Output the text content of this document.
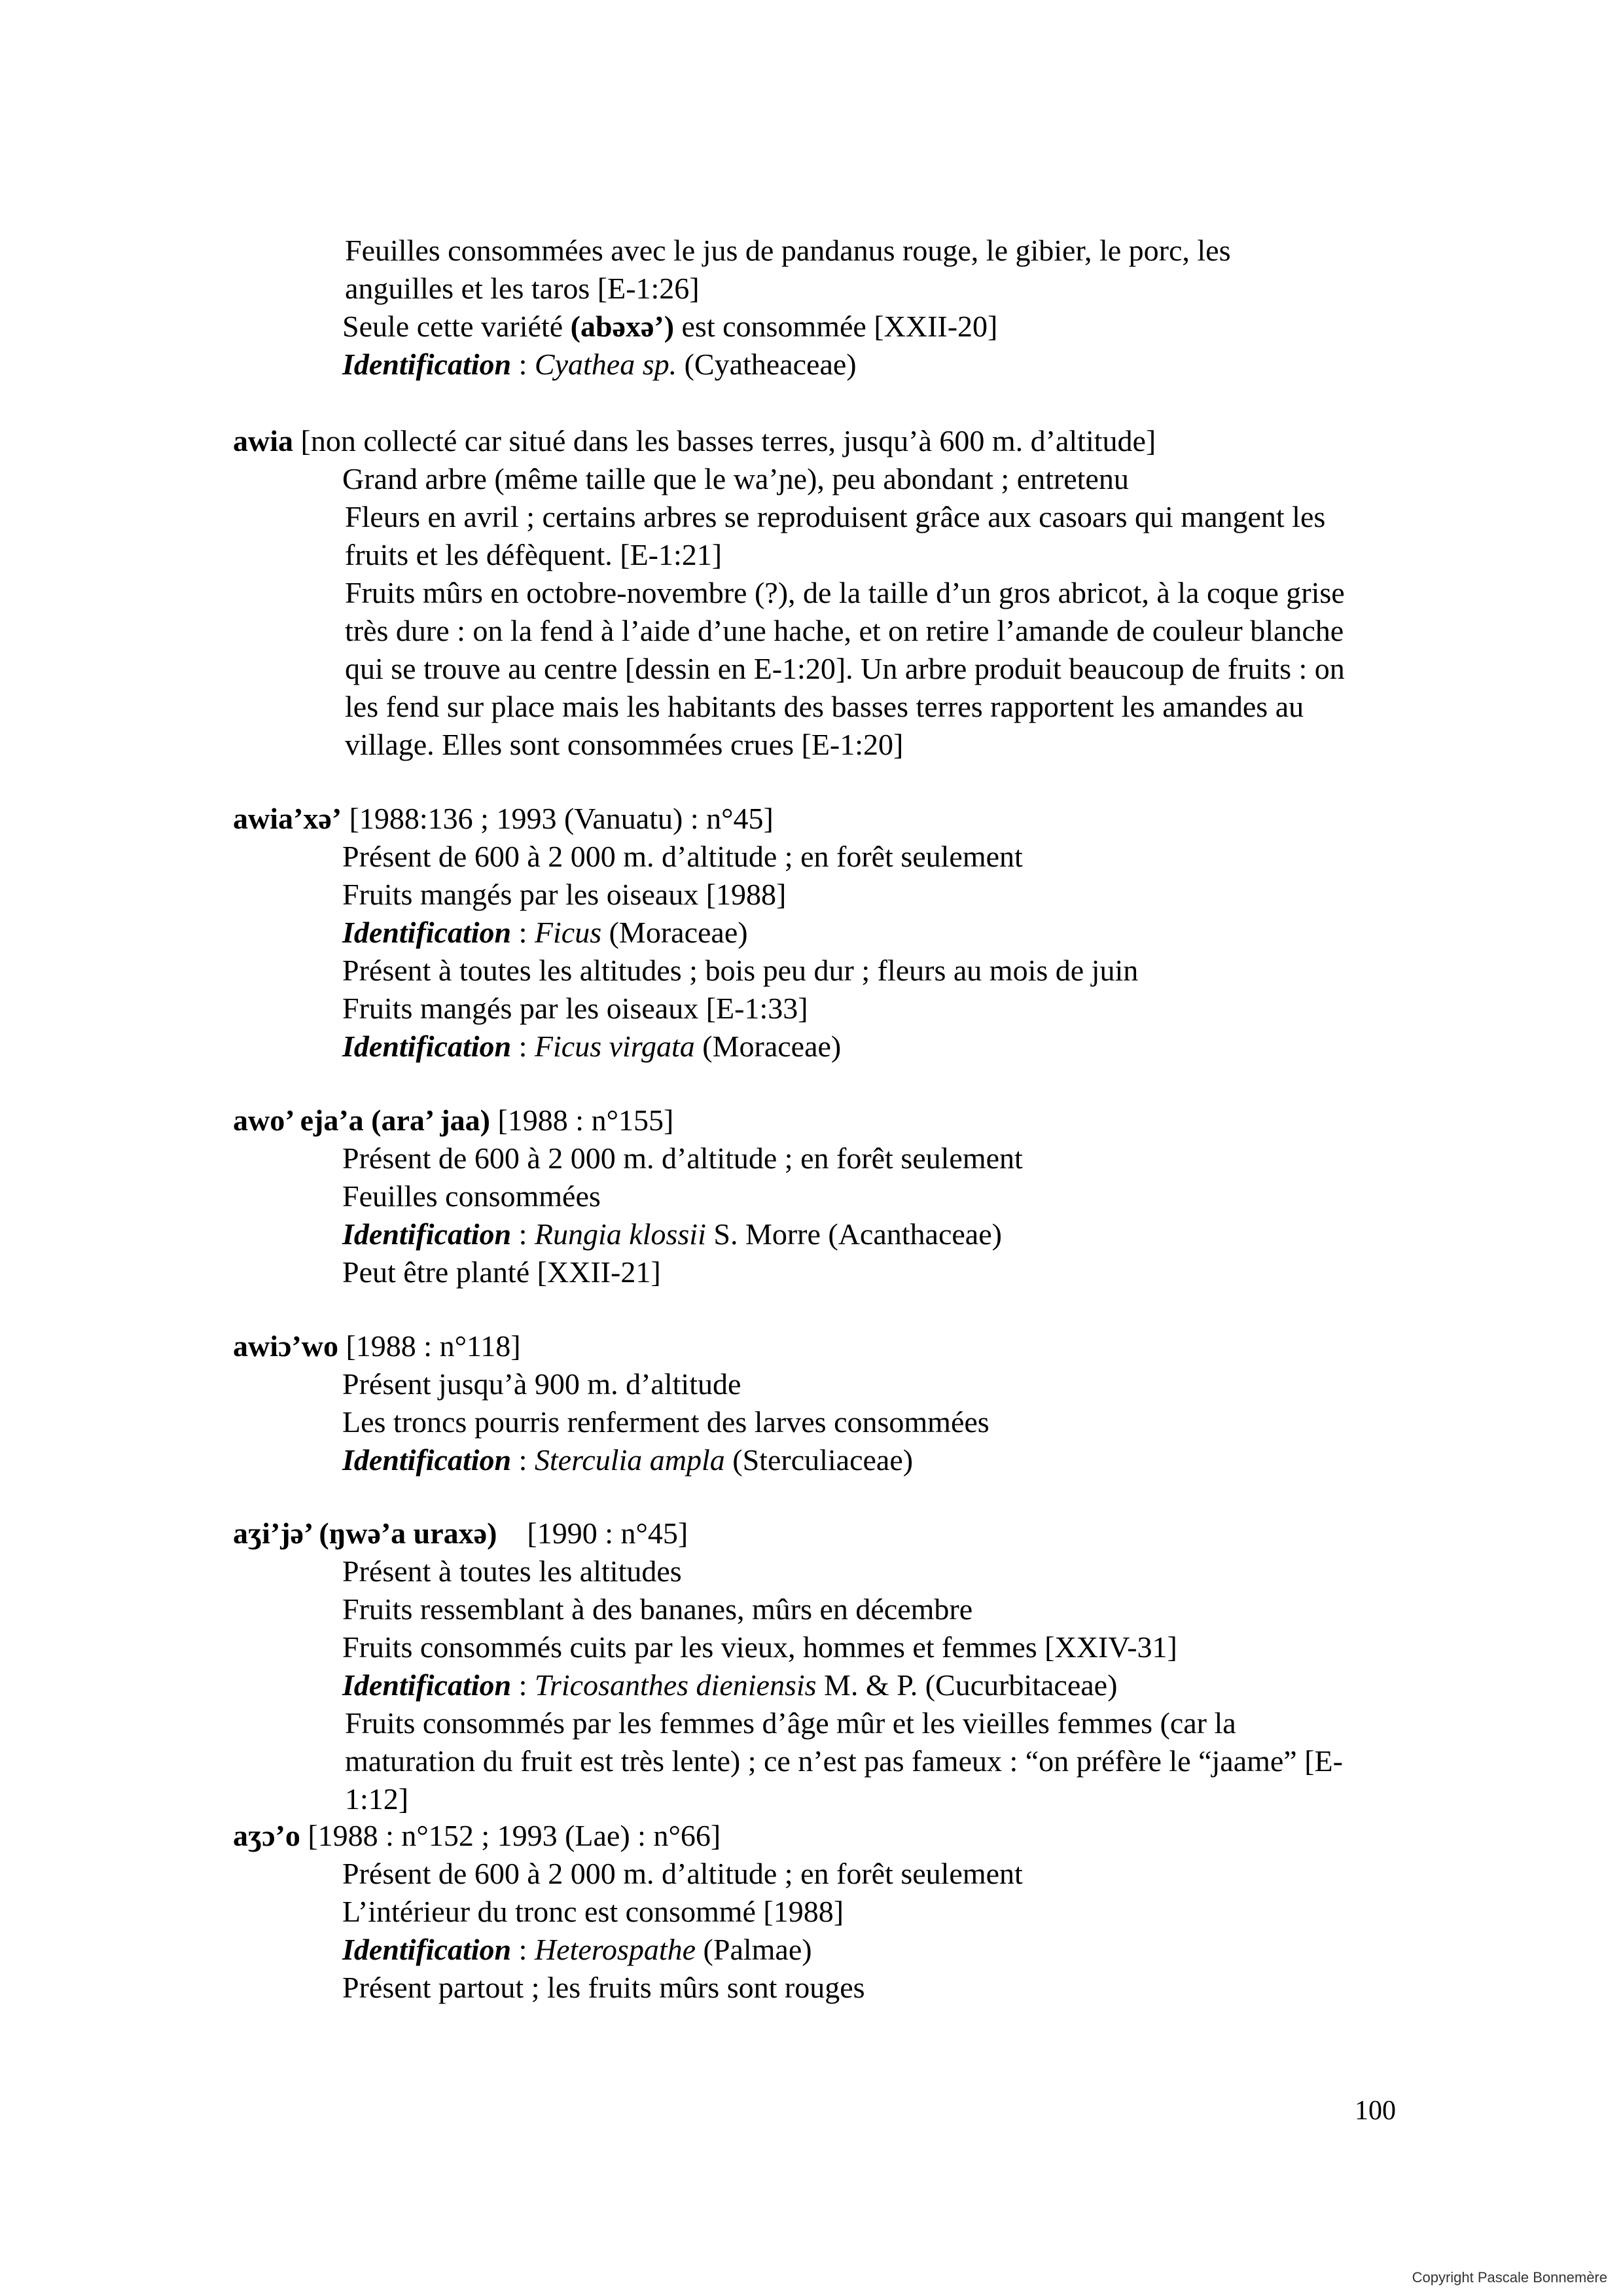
Feuilles consommées avec le jus de pandanus rouge, le gibier, le porc, les anguilles et les taros [E-1:26]
Seule cette variété (abəxə’) est consommée [XXII-20]
Identification : Cyathea sp. (Cyatheaceae)
awia [non collecté car situé dans les basses terres, jusqu’à 600 m. d’altitude]
Grand arbre (même taille que le wa’ɲe), peu abondant ; entretenu
Fleurs en avril ; certains arbres se reproduisent grâce aux casoars qui mangent les fruits et les défèquent. [E-1:21]
Fruits mûrs en octobre-novembre (?), de la taille d’un gros abricot, à la coque grise très dure : on la fend à l’aide d’une hache, et on retire l’amande de couleur blanche qui se trouve au centre [dessin en E-1:20]. Un arbre produit beaucoup de fruits : on les fend sur place mais les habitants des basses terres rapportent les amandes au village. Elles sont consommées crues [E-1:20]
awia’xə’ [1988:136 ; 1993 (Vanuatu) : n°45]
Présent de 600 à 2 000 m. d’altitude ; en forêt seulement
Fruits mangés par les oiseaux [1988]
Identification : Ficus (Moraceae)
Présent à toutes les altitudes ; bois peu dur ; fleurs au mois de juin
Fruits mangés par les oiseaux [E-1:33]
Identification : Ficus virgata (Moraceae)
awo’ eja’a (ara’ jaa) [1988 : n°155]
Présent de 600 à 2 000 m. d’altitude ; en forêt seulement
Feuilles consommées
Identification : Rungia klossii S. Morre (Acanthaceae)
Peut être planté [XXII-21]
awiɔ’wo [1988 : n°118]
Présent jusqu’à 900 m. d’altitude
Les troncs pourris renferment des larves consommées
Identification : Sterculia ampla (Sterculiaceae)
aʒi’jə’ (ŋwə’a uraxə)    [1990 : n°45]
Présent à toutes les altitudes
Fruits ressemblant à des bananes, mûrs en décembre
Fruits consommés cuits par les vieux, hommes et femmes [XXIV-31]
Identification : Tricosanthes dieniensis M. & P. (Cucurbitaceae)
Fruits consommés par les femmes d’âge mûr et les vieilles femmes (car la maturation du fruit est très lente) ; ce n’est pas fameux : “on préfère le “jaame” [E-1:12]
aʒɔ’o [1988 : n°152 ; 1993 (Lae) : n°66]
Présent de 600 à 2 000 m. d’altitude ; en forêt seulement
L’intérieur du tronc est consommé [1988]
Identification : Heterospathe (Palmae)
Présent partout ; les fruits mûrs sont rouges
100
Copyright Pascale Bonnemère
